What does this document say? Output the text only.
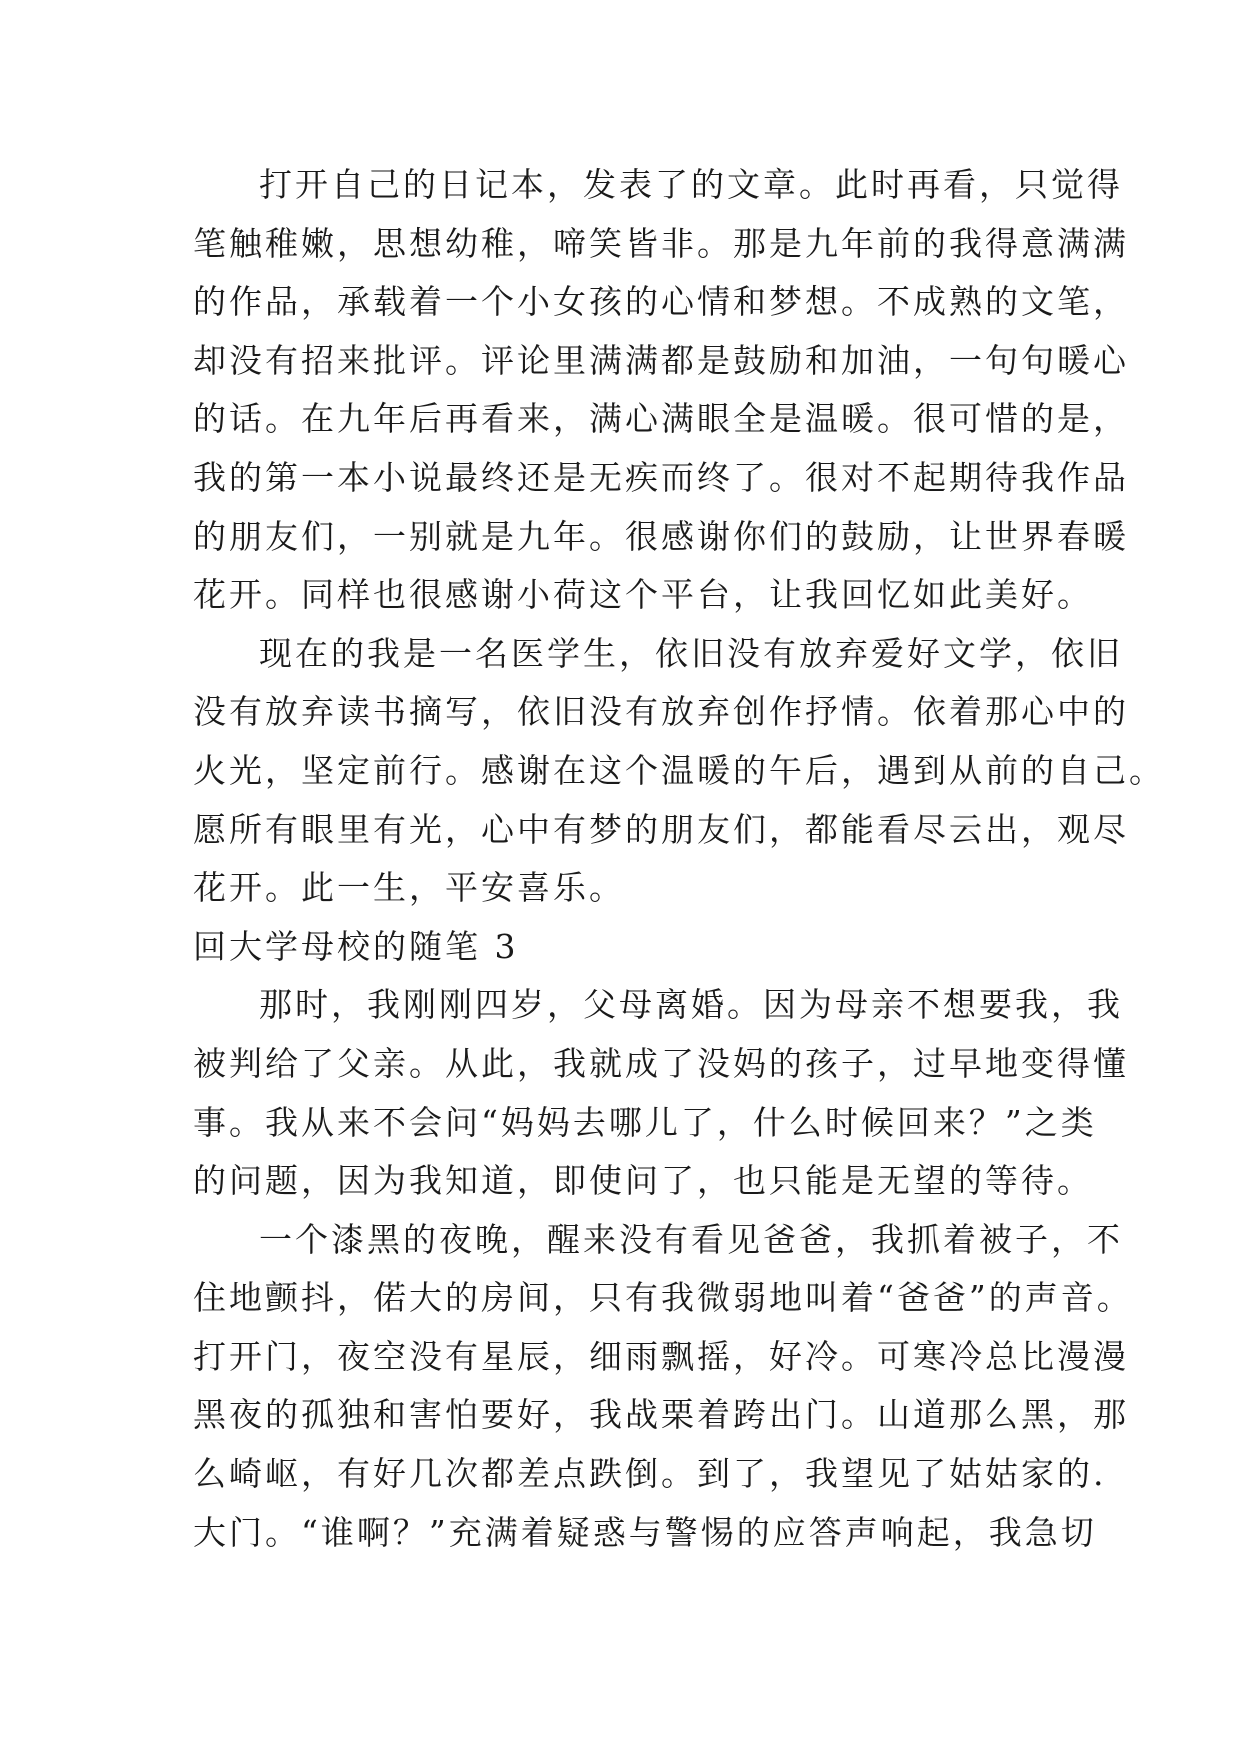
打开自己的日记本，发表了的文章。此时再看，只觉得
笔触稚嫩，思想幼稚，啼笑皆非。那是九年前的我得意满满
的作品，承载着一个小女孩的心情和梦想。不成熟的文笔，
却没有招来批评。评论里满满都是鼓励和加油，一句句暖心
的话。在九年后再看来，满心满眼全是温暖。很可惜的是，
我的第一本小说最终还是无疾而终了。很对不起期待我作品
的朋友们，一别就是九年。很感谢你们的鼓励，让世界春暖
花开。同样也很感谢小荷这个平台，让我回忆如此美好。
现在的我是一名医学生，依旧没有放弃爱好文学，依旧
没有放弃读书摘写，依旧没有放弃创作抒情。依着那心中的
火光，坚定前行。感谢在这个温暖的午后，遇到从前的自己。
愿所有眼里有光，心中有梦的朋友们，都能看尽云出，观尽
花开。此一生，平安喜乐。
回大学母校的随笔 3
那时，我刚刚四岁，父母离婚。因为母亲不想要我，我
被判给了父亲。从此，我就成了没妈的孩子，过早地变得懂
事。我从来不会问“妈妈去哪儿了，什么时候回来？”之类
的问题，因为我知道，即使问了，也只能是无望的等待。
一个漆黑的夜晚，醒来没有看见爸爸，我抓着被子，不
住地颤抖，偌大的房间，只有我微弱地叫着“爸爸”的声音。
打开门，夜空没有星辰，细雨飘摇，好冷。可寒冷总比漫漫
黑夜的孤独和害怕要好，我战栗着跨出门。山道那么黑，那
么崎岖，有好几次都差点跌倒。到了，我望见了姑姑家的.
大门。“谁啊？”充满着疑惑与警惕的应答声响起，我急切
